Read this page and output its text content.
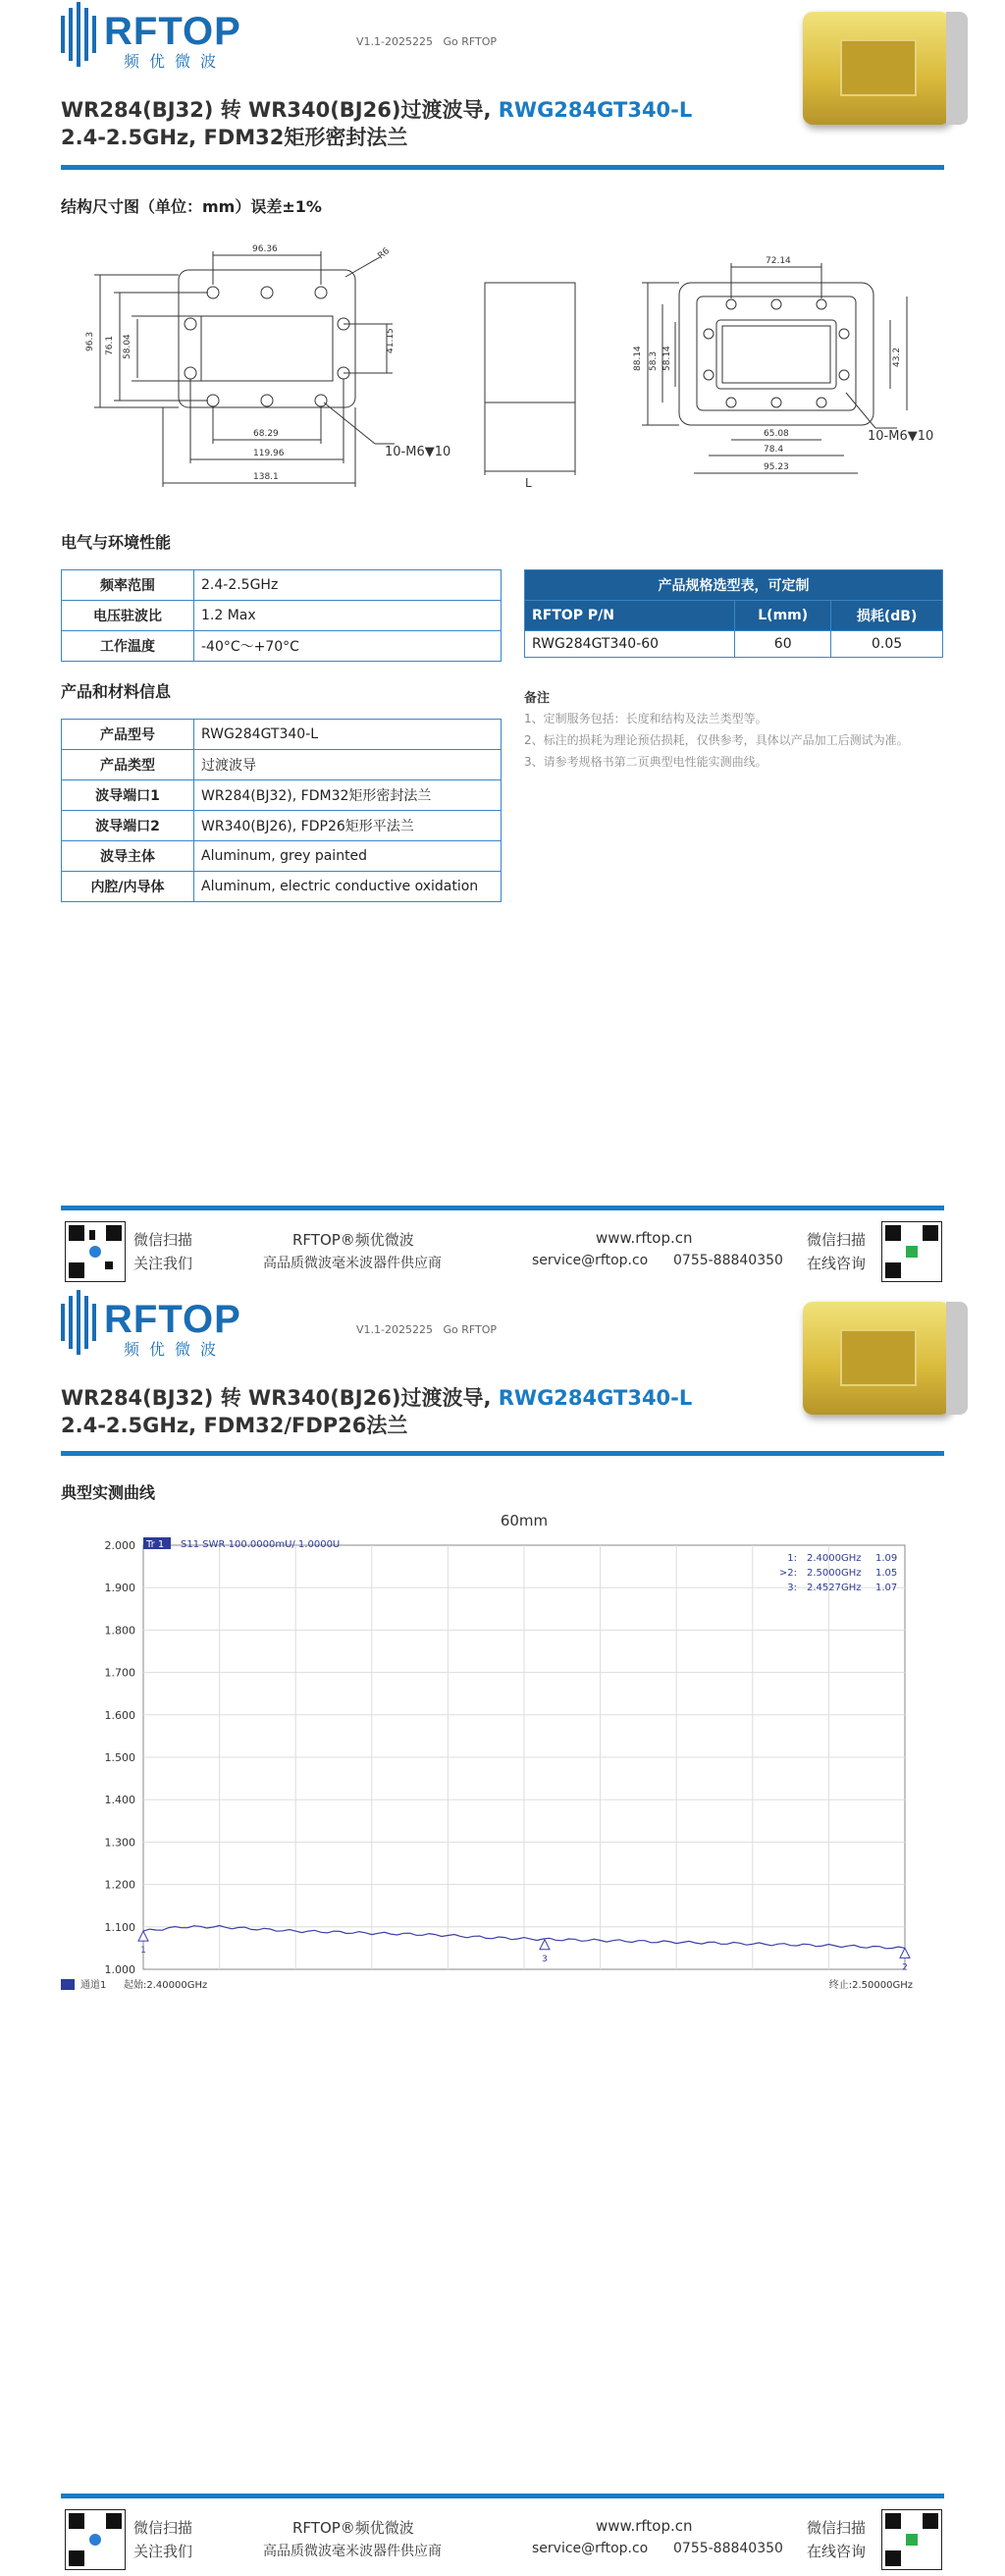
RFTOP
频优微波
V1.1-2025225 Go RFTOP
WR284(BJ32) 转 WR340(BJ26)过渡波导, RWG284GT340-L
2.4-2.5GHz, FDM32矩形密封法兰
结构尺寸图（单位：mm）误差±1%
96.36
96.3 76.1 58.04	41.15
68.29
119.96
138.1
R6	72.14
88.14 58.3 58.14	43.2
65.08
78.4
95.23
10-M6▼10
L
10-M6▼10
电气与环境性能
频率范围	2.4-2.5GHz
电压驻波比	1.2 Max
工作温度	-40°C～+70°C
产品和材料信息
产品型号	RWG284GT340-L
产品类型	过渡波导
波导端口1	WR284(BJ32), FDM32矩形密封法兰
波导端口2	WR340(BJ26), FDP26矩形平法兰
波导主体	Aluminum, grey painted
内腔/内导体	Aluminum, electric conductive oxidation
产品规格选型表，可定制		
RFTOP P/N	L(mm)	损耗(dB)
RWG284GT340-60	60	0.05
备注
1、定制服务包括：长度和结构及法兰类型等。
2、标注的损耗为理论预估损耗，仅供参考，具体以产品加工后测试为准。
3、请参考规格书第二页典型电性能实测曲线。
微信扫描
关注我们
RFTOP®频优微波
高品质微波毫米波器件供应商
www.rftop.cn
service@rftop.co 0755-88840350
微信扫描
在线咨询
RFTOP
频优微波
V1.1-2025225 Go RFTOP
WR284(BJ32) 转 WR340(BJ26)过渡波导, RWG284GT340-L
2.4-2.5GHz, FDM32/FDP26法兰
典型实测曲线
60mm
2.000
1.900
1.800
1.700
1.600
1.500
1.400
1.300
1.200
1.100
1.000
Tr 1 S11 SWR 100.0000mU/ 1.0000U
1: 2.4000GHz 1.09
>2: 2.5000GHz 1.05
3: 2.4527GHz 1.07
1
2
3
通道1 起始:2.40000GHz	终止:2.50000GHz
微信扫描
关注我们
RFTOP®频优微波
高品质微波毫米波器件供应商
www.rftop.cn
service@rftop.co 0755-88840350
微信扫描
在线咨询
